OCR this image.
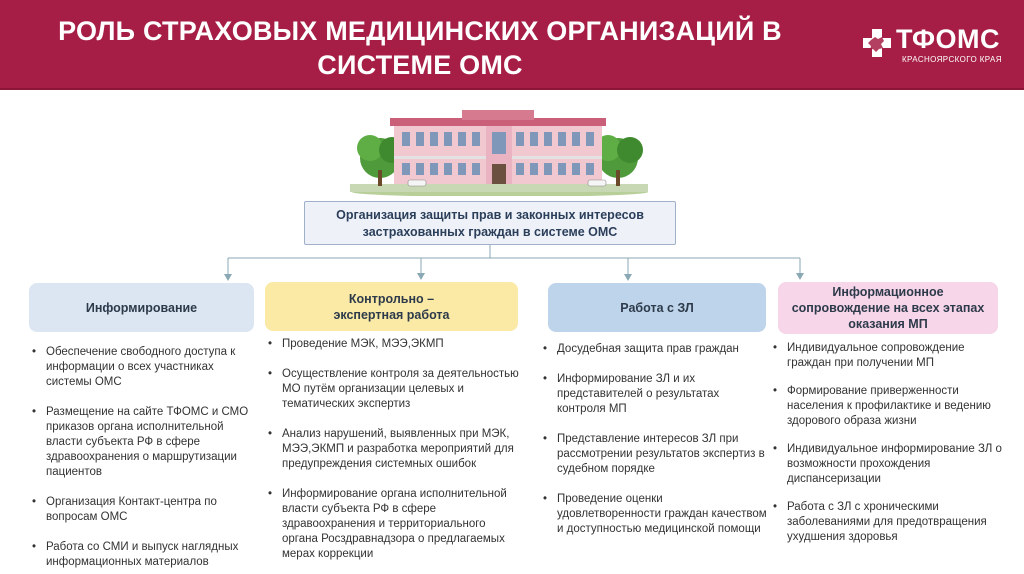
РОЛЬ СТРАХОВЫХ МЕДИЦИНСКИХ ОРГАНИЗАЦИЙ В
СИСТЕМЕ ОМС
ТФОМС
КРАСНОЯРСКОГО КРАЯ
Организация защиты прав и законных интересов
застрахованных граждан в системе ОМС
Информирование
Контрольно –
экспертная работа	Работа с ЗЛ
Информационное
сопровождение на всех этапах
оказания МП
• Обеспечение свободного доступа к информации о всех участниках системы ОМС
• Размещение на сайте ТФОМС и СМО приказов органа исполнительной власти субъекта РФ в сфере здравоохранения о маршрутизации пациентов
• Организация Контакт-центра по вопросам ОМС
• Работа со СМИ и выпуск наглядных информационных материалов
• Проведение МЭК, МЭЭ,ЭКМП
• Осуществление контроля за деятельностью МО путём организации целевых и тематических экспертиз
• Анализ нарушений, выявленных при МЭК, МЭЭ,ЭКМП и разработка мероприятий для предупреждения системных ошибок
• Информирование органа исполнительной власти субъекта РФ в сфере здравоохранения и территориального органа Росздравнадзора о предлагаемых мерах коррекции
• Досудебная защита прав граждан
• Информирование ЗЛ и их представителей о результатах контроля МП
• Представление интересов ЗЛ при рассмотрении результатов экспертиз в судебном порядке
• Проведение оценки удовлетворенности граждан качеством и доступностью медицинской помощи
• Индивидуальное сопровождение граждан при получении МП
• Формирование приверженности населения к профилактике и ведению здорового образа жизни
• Индивидуальное информирование ЗЛ о возможности прохождения диспансеризации
• Работа с ЗЛ с хроническими заболеваниями для предотвращения ухудшения здоровья
